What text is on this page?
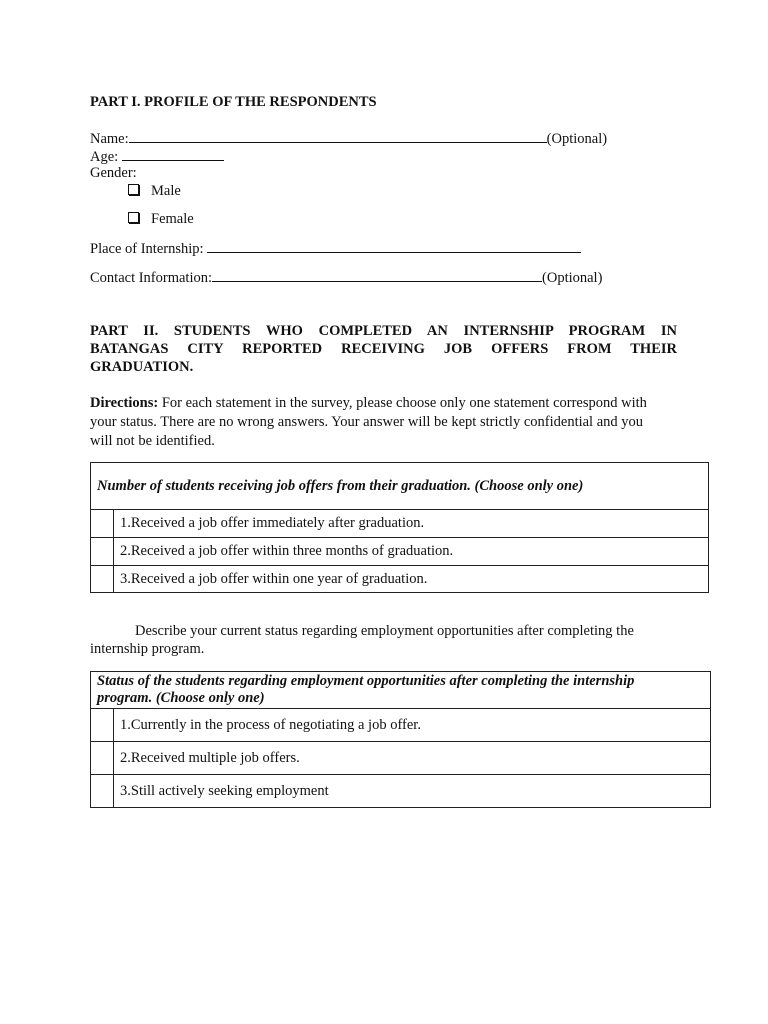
PART I. PROFILE OF THE RESPONDENTS
Name:	(Optional)
Age:
Gender:
Male
Female
Place of Internship:
Contact Information:	(Optional)
PART II. STUDENTS WHO COMPLETED AN INTERNSHIP PROGRAM IN
BATANGAS CITY REPORTED RECEIVING JOB OFFERS FROM THEIR
GRADUATION.
Directions: For each statement in the survey, please choose only one statement correspond with
your status. There are no wrong answers. Your answer will be kept strictly confidential and you
will not be identified.
Number of students receiving job offers from their graduation. (Choose only one)	
	1.Received a job offer immediately after graduation.
	2.Received a job offer within three months of graduation.
	3.Received a job offer within one year of graduation.
Describe your current status regarding employment opportunities after completing the
internship program.
Status of the students regarding employment opportunities after completing the internship
program. (Choose only one)	

	1.Currently in the process of negotiating a job offer.
	2.Received multiple job offers.
	3.Still actively seeking employment
